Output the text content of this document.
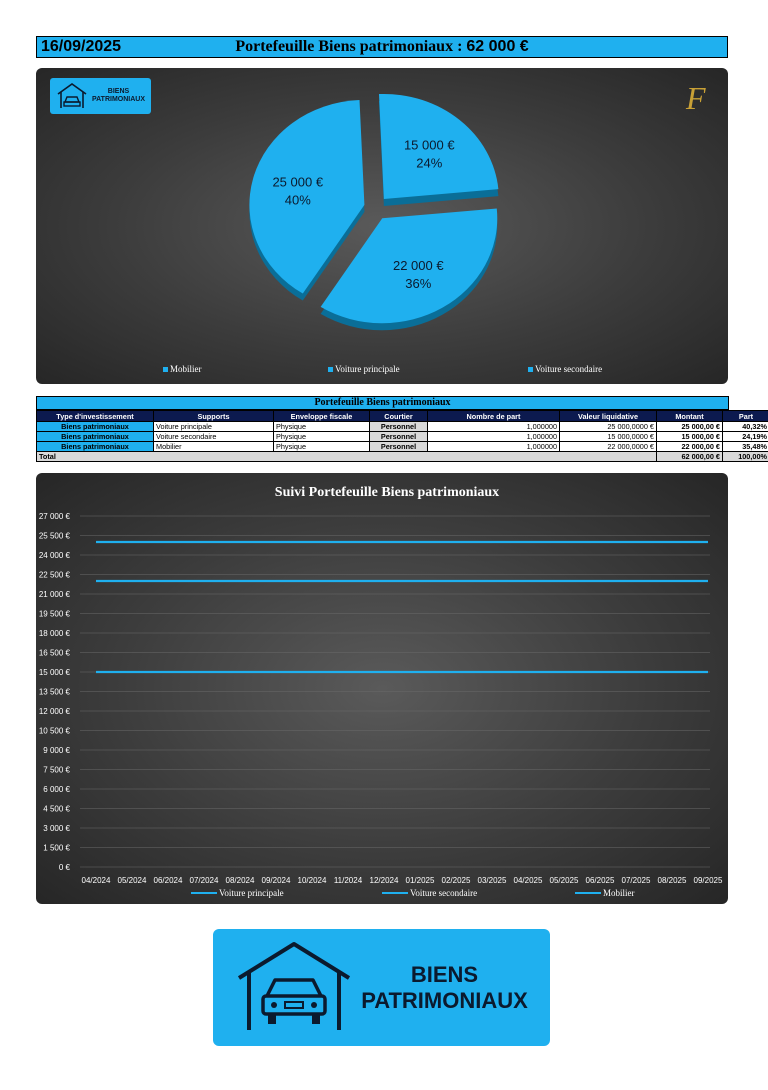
16/09/2025	Portefeuille Biens patrimoniaux : 62 000 €
BIENS
PATRIMONIAUX	F
25 000 €
40%
15 000 €
24%
22 000 €
36%
Mobilier	Voiture principale	Voiture secondaire
Portefeuille Biens patrimoniaux
Type d'investissement	Supports	Enveloppe fiscale	Courtier	Nombre de part	Valeur liquidative	Montant	Part
Biens patrimoniaux	Voiture principale	Physique	Personnel	1,000000	25 000,0000 €	25 000,00 €	40,32%
Biens patrimoniaux	Voiture secondaire	Physique	Personnel	1,000000	15 000,0000 €	15 000,00 €	24,19%
Biens patrimoniaux	Mobilier	Physique	Personnel	1,000000	22 000,0000 €	22 000,00 €	35,48%
Total						62 000,00 €	100,00%
Suivi Portefeuille Biens patrimoniaux
0 €
1 500 €
3 000 €
4 500 €
6 000 €
7 500 €
9 000 €
10 500 €
12 000 €
13 500 €
15 000 €
16 500 €
18 000 €
19 500 €
21 000 €
22 500 €
24 000 €
25 500 €
27 000 €
04/2024 05/2024 06/2024 07/2024 08/2024 09/2024 10/2024 11/2024 12/2024 01/2025 02/2025 03/2025 04/2025 05/2025 06/2025 07/2025 08/2025 09/2025
Voiture principale	Voiture secondaire	Mobilier
BIENS
PATRIMONIAUX
